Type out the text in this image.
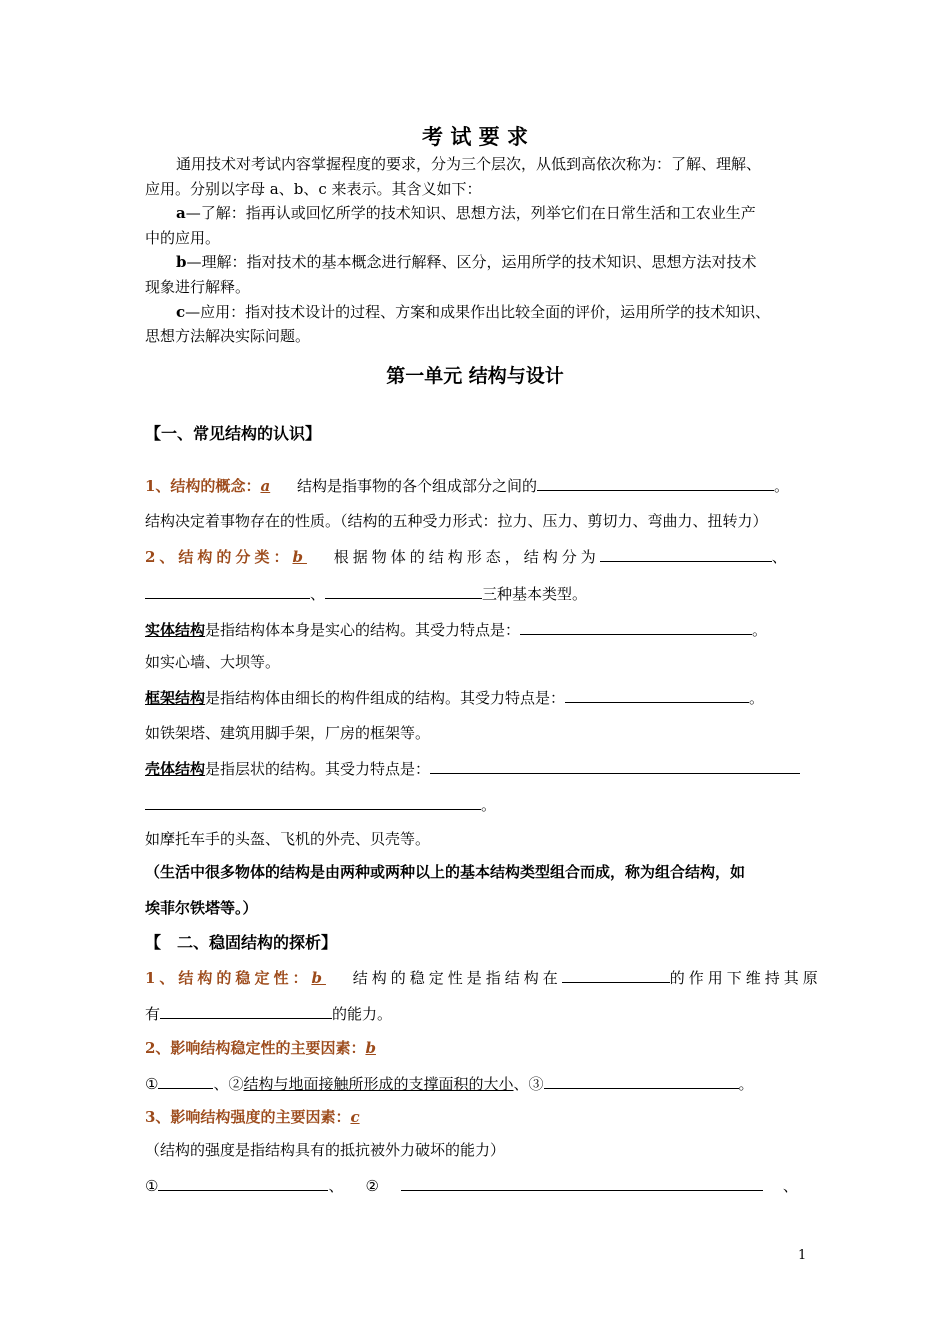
考 试 要 求
通用技术对考试内容掌握程度的要求，分为三个层次，从低到高依次称为：了解、理解、
应用。分别以字母 a、b、c 来表示。其含义如下：
a—了解：指再认或回忆所学的技术知识、思想方法，列举它们在日常生活和工农业生产
中的应用。
b—理解：指对技术的基本概念进行解释、区分，运用所学的技术知识、思想方法对技术
现象进行解释。
c—应用：指对技术设计的过程、方案和成果作出比较全面的评价，运用所学的技术知识、
思想方法解决实际问题。
第一单元 结构与设计
【一、常见结构的认识】
1、结构的概念：a 结构是指事物的各个组成部分之间的	。
结构决定着事物存在的性质。（结构的五种受力形式：拉力、压力、剪切力、弯曲力、扭转力）
2、结构的分类：b 根据物体的结构形态，结构分为	、
、	三种基本类型。
实体结构是指结构体本身是实心的结构。其受力特点是：	。
如实心墙、大坝等。
框架结构是指结构体由细长的构件组成的结构。其受力特点是：	。
如铁架塔、建筑用脚手架，厂房的框架等。
壳体结构是指层状的结构。其受力特点是：
。
如摩托车手的头盔、飞机的外壳、贝壳等。
（生活中很多物体的结构是由两种或两种以上的基本结构类型组合而成，称为组合结构，如
埃菲尔铁塔等。）
【　二、稳固结构的探析】
1、结构的稳定性：b 结构的稳定性是指结构在	的作用下维持其原
有	的能力。
2、影响结构稳定性的主要因素：b
①	、②结构与地面接触所形成的支撑面积的大小、③	。
3、影响结构强度的主要因素：c
（结构的强度是指结构具有的抵抗被外力破坏的能力）
①	、 ②	、
1
